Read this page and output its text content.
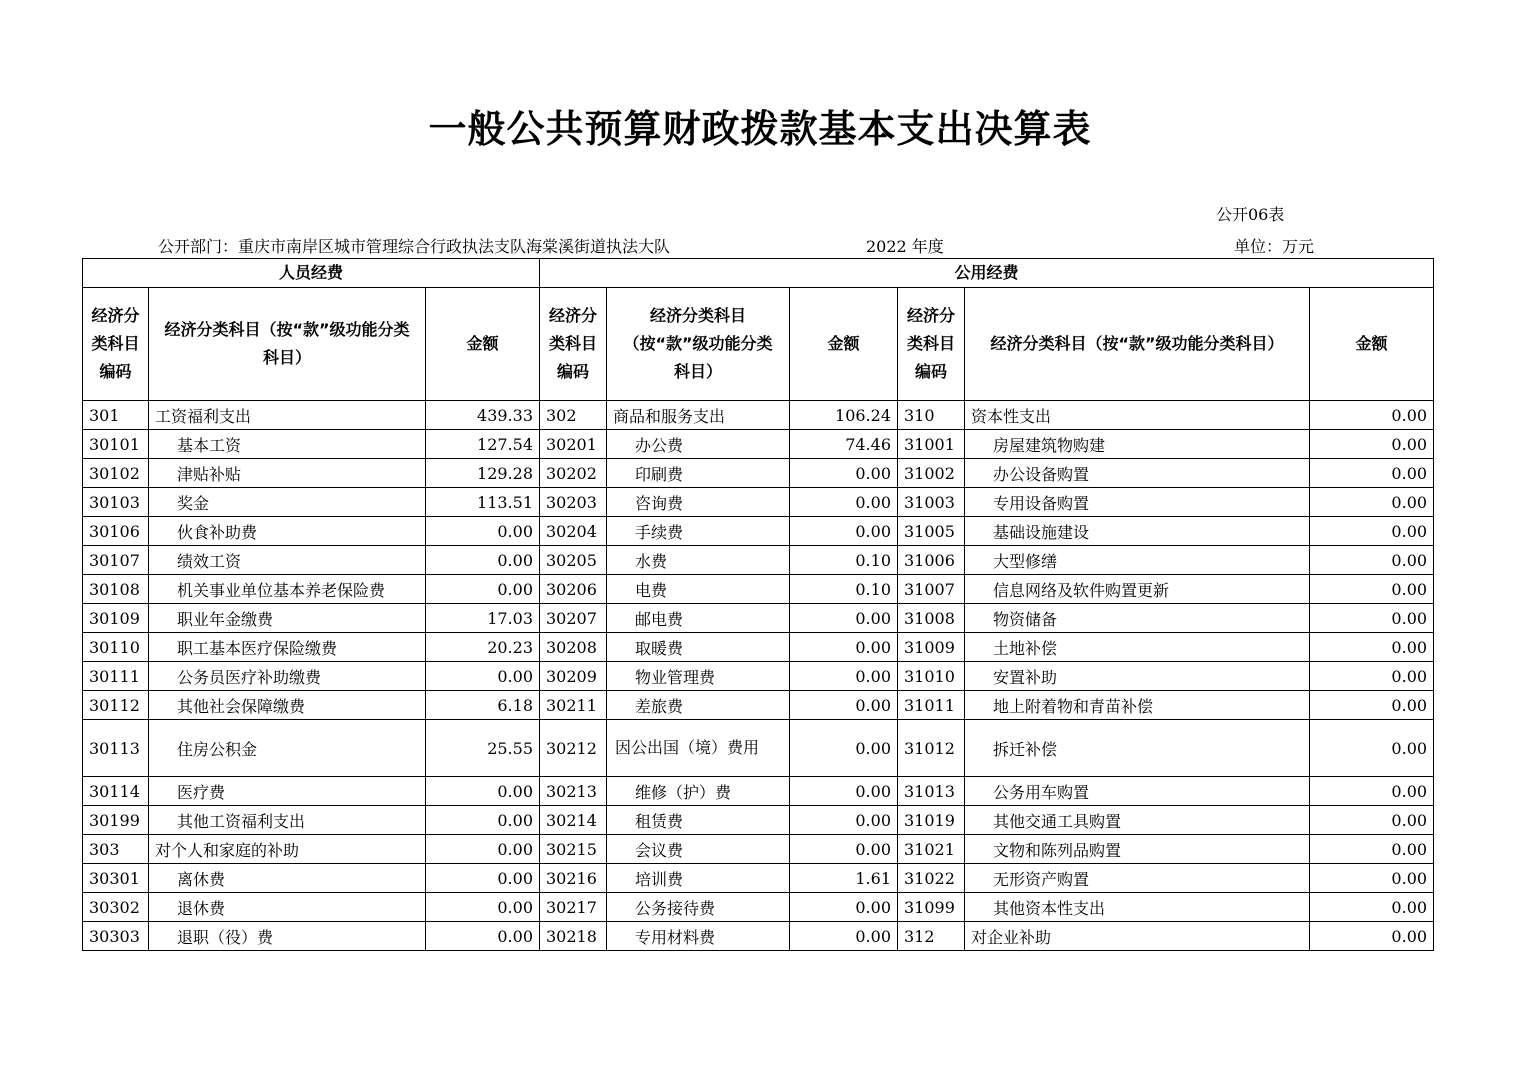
一般公共预算财政拨款基本支出决算表
公开06表
公开部门：重庆市南岸区城市管理综合行政执法支队海棠溪街道执法大队	2022 年度	单位：万元
人员经费			公用经费					
经济分类科目编码	经济分类科目（按“款”级功能分类科目）	金额	经济分类科目编码	经济分类科目（按“款”级功能分类科目）	金额	经济分类科目编码	经济分类科目（按“款”级功能分类科目）	金额
301	工资福利支出	439.33	302	商品和服务支出	106.24	310	资本性支出	0.00
30101	基本工资	127.54	30201	办公费	74.46	31001	房屋建筑物购建	0.00
30102	津贴补贴	129.28	30202	印刷费	0.00	31002	办公设备购置	0.00
30103	奖金	113.51	30203	咨询费	0.00	31003	专用设备购置	0.00
30106	伙食补助费	0.00	30204	手续费	0.00	31005	基础设施建设	0.00
30107	绩效工资	0.00	30205	水费	0.10	31006	大型修缮	0.00
30108	机关事业单位基本养老保险费	0.00	30206	电费	0.10	31007	信息网络及软件购置更新	0.00
30109	职业年金缴费	17.03	30207	邮电费	0.00	31008	物资储备	0.00
30110	职工基本医疗保险缴费	20.23	30208	取暖费	0.00	31009	土地补偿	0.00
30111	公务员医疗补助缴费	0.00	30209	物业管理费	0.00	31010	安置补助	0.00
30112	其他社会保障缴费	6.18	30211	差旅费	0.00	31011	地上附着物和青苗补偿	0.00
30113	住房公积金	25.55	30212	因公出国（境）费用	0.00	31012	拆迁补偿	0.00
30114	医疗费	0.00	30213	维修（护）费	0.00	31013	公务用车购置	0.00
30199	其他工资福利支出	0.00	30214	租赁费	0.00	31019	其他交通工具购置	0.00
303	对个人和家庭的补助	0.00	30215	会议费	0.00	31021	文物和陈列品购置	0.00
30301	离休费	0.00	30216	培训费	1.61	31022	无形资产购置	0.00
30302	退休费	0.00	30217	公务接待费	0.00	31099	其他资本性支出	0.00
30303	退职（役）费	0.00	30218	专用材料费	0.00	312	对企业补助	0.00
